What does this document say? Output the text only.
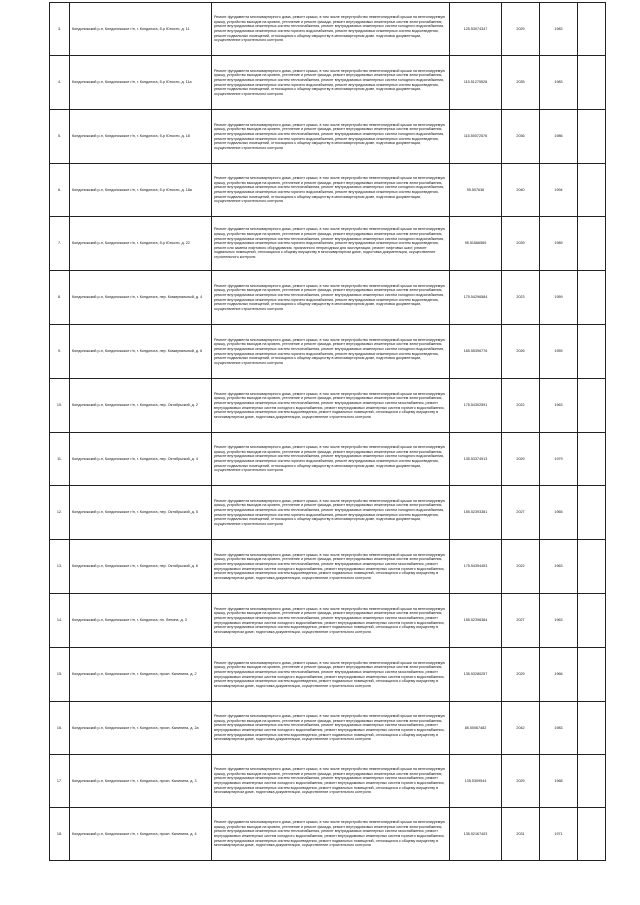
3.	Кондопожский р-н, Кондопожское г/п, г. Кондопога, б-р Юности, д. 11	Ремонт фундамента многоквартирного дома, ремонт крыши, в том числе переустройство невентилируемой крыши на вентилируемую крышу, устройство выходов на кровлю, утепление и ремонт фасада, ремонт внутридомовых инженерных систем электроснабжения, ремонт внутридомовых инженерных систем теплоснабжения, ремонт внутридомовых инженерных систем холодного водоснабжения, ремонт внутридомовых инженерных систем горячего водоснабжения, ремонт внутридомовых инженерных систем водоотведения, ремонт подвальных помещений, относящихся к общему имуществу в многоквартирном доме, подготовка документации, осуществление строительного контроля	125.53074347	2029	1983	
4.	Кондопожский р-н, Кондопожское г/п, г. Кондопога, б-р Юности, д. 11а	Ремонт фундамента многоквартирного дома, ремонт крыши, в том числе переустройство невентилируемой крыши на вентилируемую крышу, устройство выходов на кровлю, утепление и ремонт фасада, ремонт внутридомовых инженерных систем электроснабжения, ремонт внутридомовых инженерных систем теплоснабжения, ремонт внутридомовых инженерных систем холодного водоснабжения, ремонт внутридомовых инженерных систем горячего водоснабжения, ремонт внутридомовых инженерных систем водоотведения, ремонт подвальных помещений, относящихся к общему имуществу в многоквартирном доме, подготовка документации, осуществление строительного контроля	115.51275528	2035	1983	
5.	Кондопожский р-н, Кондопожское г/п, г. Кондопога, б-р Юности, д. 18	Ремонт фундамента многоквартирного дома, ремонт крыши, в том числе переустройство невентилируемой крыши на вентилируемую крышу, устройство выходов на кровлю, утепление и ремонт фасада, ремонт внутридомовых инженерных систем электроснабжения, ремонт внутридомовых инженерных систем теплоснабжения, ремонт внутридомовых инженерных систем холодного водоснабжения, ремонт внутридомовых инженерных систем горячего водоснабжения, ремонт внутридомовых инженерных систем водоотведения, ремонт подвальных помещений, относящихся к общему имуществу в многоквартирном доме, подготовка документации, осуществление строительного контроля	115.50072576	2036	1986	
6.	Кондопожский р-н, Кондопожское г/п, г. Кондопога, б-р Юности, д. 18а	Ремонт фундамента многоквартирного дома, ремонт крыши, в том числе переустройство невентилируемой крыши на вентилируемую крышу, устройство выходов на кровлю, утепление и ремонт фасада, ремонт внутридомовых инженерных систем электроснабжения, ремонт внутридомовых инженерных систем теплоснабжения, ремонт внутридомовых инженерных систем холодного водоснабжения, ремонт внутридомовых инженерных систем горячего водоснабжения, ремонт внутридомовых инженерных систем водоотведения, ремонт подвальных помещений, относящихся к общему имуществу в многоквартирном доме, подготовка документации, осуществление строительного контроля	95.507636	2040	1994	
7.	Кондопожский р-н, Кондопожское г/п, г. Кондопога, б-р Юности, д. 22	Ремонт фундамента многоквартирного дома, ремонт крыши, в том числе переустройство невентилируемой крыши на вентилируемую крышу, устройство выходов на кровлю, утепление и ремонт фасада, ремонт внутридомовых инженерных систем электроснабжения, ремонт внутридомовых инженерных систем теплоснабжения, ремонт внутридомовых инженерных систем холодного водоснабжения, ремонт внутридомовых инженерных систем горячего водоснабжения, ремонт внутридомовых инженерных систем водоотведения, ремонт или замена лифтового оборудования, признанного непригодным для эксплуатации, ремонт лифтовых шахт, ремонт подвальных помещений, относящихся к общему имуществу в многоквартирном доме, подготовка документации, осуществление строительного контроля	95.51666565	2039	1989	
8.	Кондопожский р-н, Кондопожское г/п, г. Кондопога, пер. Коммунальный, д. 4	Ремонт фундамента многоквартирного дома, ремонт крыши, в том числе переустройство невентилируемой крыши на вентилируемую крышу, устройство выходов на кровлю, утепление и ремонт фасада, ремонт внутридомовых инженерных систем электроснабжения, ремонт внутридомовых инженерных систем теплоснабжения, ремонт внутридомовых инженерных систем холодного водоснабжения, ремонт внутридомовых инженерных систем горячего водоснабжения, ремонт внутридомовых инженерных систем водоотведения, ремонт подвальных помещений, относящихся к общему имуществу в многоквартирном доме, подготовка документации, осуществление строительного контроля	175.54296584	2023	1959	
9.	Кондопожский р-н, Кондопожское г/п, г. Кондопога, пер. Коммунальный, д. 6	Ремонт фундамента многоквартирного дома, ремонт крыши, в том числе переустройство невентилируемой крыши на вентилируемую крышу, устройство выходов на кровлю, утепление и ремонт фасада, ремонт внутридомовых инженерных систем электроснабжения, ремонт внутридомовых инженерных систем теплоснабжения, ремонт внутридомовых инженерных систем холодного водоснабжения, ремонт внутридомовых инженерных систем горячего водоснабжения, ремонт внутридомовых инженерных систем водоотведения, ремонт подвальных помещений, относящихся к общему имуществу в многоквартирном доме, подготовка документации, осуществление строительного контроля	165.55396776	2026	1959	
10.	Кондопожский р-н, Кондопожское г/п, г. Кондопога, пер. Октябрьский, д. 2	Ремонт фундамента многоквартирного дома, ремонт крыши, в том числе переустройство невентилируемой крыши на вентилируемую крышу, устройство выходов на кровлю, утепление и ремонт фасада, ремонт внутридомовых инженерных систем электроснабжения, ремонт внутридомовых инженерных систем теплоснабжения, ремонт внутридомовых инженерных систем газоснабжения, ремонт внутридомовых инженерных систем холодного водоснабжения, ремонт внутридомовых инженерных систем горячего водоснабжения, ремонт внутридомовых инженерных систем водоотведения, ремонт подвальных помещений, относящихся к общему имуществу в многоквартирном доме, подготовка документации, осуществление строительного контроля	175.54302591	2022	1963	
11.	Кондопожский р-н, Кондопожское г/п, г. Кондопога, пер. Октябрьский, д. 4	Ремонт фундамента многоквартирного дома, ремонт крыши, в том числе переустройство невентилируемой крыши на вентилируемую крышу, устройство выходов на кровлю, утепление и ремонт фасада, ремонт внутридомовых инженерных систем электроснабжения, ремонт внутридомовых инженерных систем теплоснабжения, ремонт внутридомовых инженерных систем холодного водоснабжения, ремонт внутридомовых инженерных систем горячего водоснабжения, ремонт внутридомовых инженерных систем водоотведения, ремонт подвальных помещений, относящихся к общему имуществу в многоквартирном доме, подготовка документации, осуществление строительного контроля	135.53374913	2029	1979	
12.	Кондопожский р-н, Кондопожское г/п, г. Кондопога, пер. Октябрьский, д. 5	Ремонт фундамента многоквартирного дома, ремонт крыши, в том числе переустройство невентилируемой крыши на вентилируемую крышу, устройство выходов на кровлю, утепление и ремонт фасада, ремонт внутридомовых инженерных систем электроснабжения, ремонт внутридомовых инженерных систем теплоснабжения, ремонт внутридомовых инженерных систем холодного водоснабжения, ремонт внутридомовых инженерных систем горячего водоснабжения, ремонт внутридомовых инженерных систем водоотведения, ремонт подвальных помещений, относящихся к общему имуществу в многоквартирном доме, подготовка документации, осуществление строительного контроля	155.52393381	2027	1965	
13.	Кондопожский р-н, Кондопожское г/п, г. Кондопога, пер. Октябрьский, д. 6	Ремонт фундамента многоквартирного дома, ремонт крыши, в том числе переустройство невентилируемой крыши на вентилируемую крышу, устройство выходов на кровлю, утепление и ремонт фасада, ремонт внутридомовых инженерных систем электроснабжения, ремонт внутридомовых инженерных систем теплоснабжения, ремонт внутридомовых инженерных систем газоснабжения, ремонт внутридомовых инженерных систем холодного водоснабжения, ремонт внутридомовых инженерных систем горячего водоснабжения, ремонт внутридомовых инженерных систем водоотведения, ремонт подвальных помещений, относящихся к общему имуществу в многоквартирном доме, подготовка документации, осуществление строительного контроля	175.54394453	2022	1963	
14.	Кондопожский р-н, Кондопожское г/п, г. Кондопога, пл. Ленина, д. 3	Ремонт фундамента многоквартирного дома, ремонт крыши, в том числе переустройство невентилируемой крыши на вентилируемую крышу, устройство выходов на кровлю, утепление и ремонт фасада, ремонт внутридомовых инженерных систем электроснабжения, ремонт внутридомовых инженерных систем теплоснабжения, ремонт внутридомовых инженерных систем газоснабжения, ремонт внутридомовых инженерных систем холодного водоснабжения, ремонт внутридомовых инженерных систем горячего водоснабжения, ремонт внутридомовых инженерных систем водоотведения, ремонт подвальных помещений, относящихся к общему имуществу в многоквартирном доме, подготовка документации, осуществление строительного контроля	155.52396384	2027	1963	
15.	Кондопожский р-н, Кондопожское г/п, г. Кондопога, просп. Калинина, д. 2	Ремонт фундамента многоквартирного дома, ремонт крыши, в том числе переустройство невентилируемой крыши на вентилируемую крышу, устройство выходов на кровлю, утепление и ремонт фасада, ремонт внутридомовых инженерных систем электроснабжения, ремонт внутридомовых инженерных систем теплоснабжения, ремонт внутридомовых инженерных систем газоснабжения, ремонт внутридомовых инженерных систем холодного водоснабжения, ремонт внутридомовых инженерных систем горячего водоснабжения, ремонт внутридомовых инженерных систем водоотведения, ремонт подвальных помещений, относящихся к общему имуществу в многоквартирном доме, подготовка документации, осуществление строительного контроля	135.53280257	2029	1966	
16.	Кондопожский р-н, Кондопожское г/п, г. Кондопога, просп. Калинина, д. 2а	Ремонт фундамента многоквартирного дома, ремонт крыши, в том числе переустройство невентилируемой крыши на вентилируемую крышу, устройство выходов на кровлю, утепление и ремонт фасада, ремонт внутридомовых инженерных систем электроснабжения, ремонт внутридомовых инженерных систем теплоснабжения, ремонт внутридомовых инженерных систем газоснабжения, ремонт внутридомовых инженерных систем холодного водоснабжения, ремонт внутридомовых инженерных систем горячего водоснабжения, ремонт внутридомовых инженерных систем водоотведения, ремонт подвальных помещений, относящихся к общему имуществу в многоквартирном доме, подготовка документации, осуществление строительного контроля	85.50067482	2042	1983	
17.	Кондопожский р-н, Кондопожское г/п, г. Кондопога, просп. Калинина, д. 3	Ремонт фундамента многоквартирного дома, ремонт крыши, в том числе переустройство невентилируемой крыши на вентилируемую крышу, устройство выходов на кровлю, утепление и ремонт фасада, ремонт внутридомовых инженерных систем электроснабжения, ремонт внутридомовых инженерных систем теплоснабжения, ремонт внутридомовых инженерных систем газоснабжения, ремонт внутридомовых инженерных систем холодного водоснабжения, ремонт внутридомовых инженерных систем горячего водоснабжения, ремонт внутридомовых инженерных систем водоотведения, ремонт подвальных помещений, относящихся к общему имуществу в многоквартирном доме, подготовка документации, осуществление строительного контроля	135.5309544	2029	1968	
18.	Кондопожский р-н, Кондопожское г/п, г. Кондопога, просп. Калинина, д. 4	Ремонт фундамента многоквартирного дома, ремонт крыши, в том числе переустройство невентилируемой крыши на вентилируемую крышу, устройство выходов на кровлю, утепление и ремонт фасада, ремонт внутридомовых инженерных систем электроснабжения, ремонт внутридомовых инженерных систем теплоснабжения, ремонт внутридомовых инженерных систем газоснабжения, ремонт внутридомовых инженерных систем холодного водоснабжения, ремонт внутридомовых инженерных систем горячего водоснабжения, ремонт внутридомовых инженерных систем водоотведения, ремонт подвальных помещений, относящихся к общему имуществу в многоквартирном доме, подготовка документации, осуществление строительного контроля	135.52167403	2031	1971	
